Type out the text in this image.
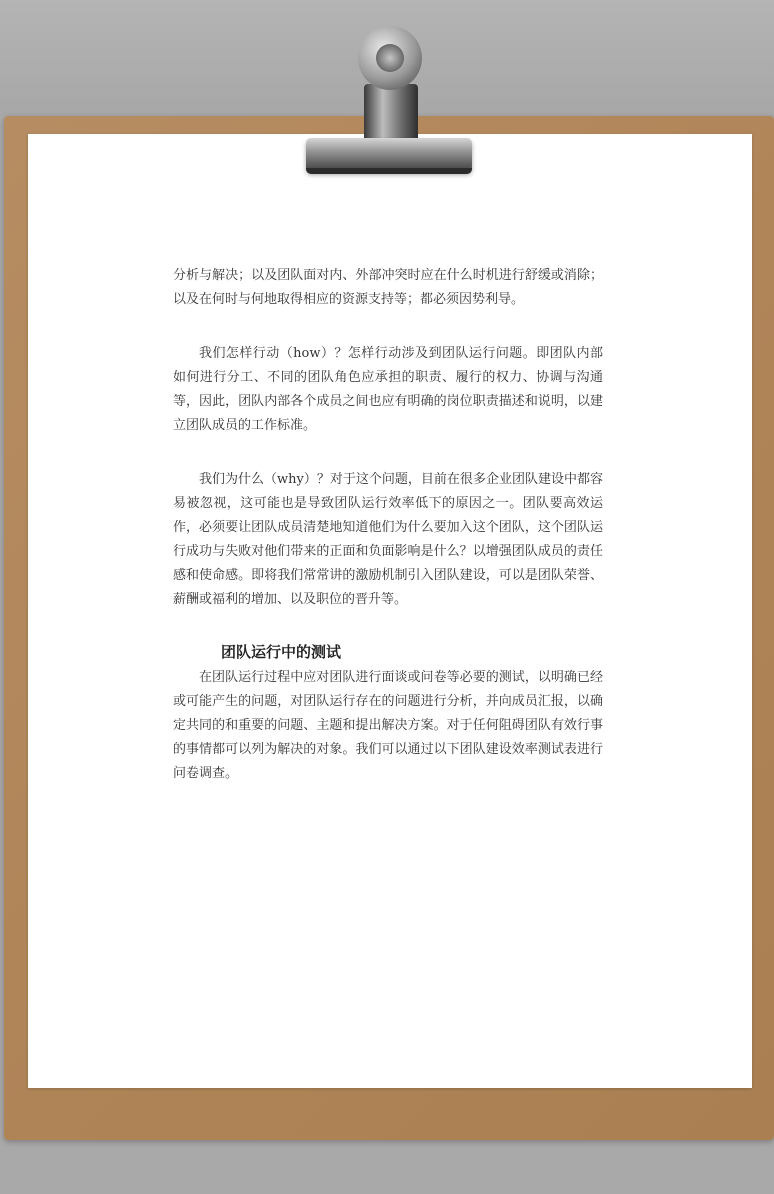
分析与解决；以及团队面对内、外部冲突时应在什么时机进行舒缓或消除；以及在何时与何地取得相应的资源支持等；都必须因势利导。

我们怎样行动（how）？怎样行动涉及到团队运行问题。即团队内部如何进行分工、不同的团队角色应承担的职责、履行的权力、协调与沟通等，因此，团队内部各个成员之间也应有明确的岗位职责描述和说明，以建立团队成员的工作标准。

我们为什么（why）？对于这个问题，目前在很多企业团队建设中都容易被忽视，这可能也是导致团队运行效率低下的原因之一。团队要高效运作，必须要让团队成员清楚地知道他们为什么要加入这个团队，这个团队运行成功与失败对他们带来的正面和负面影响是什么？以增强团队成员的责任感和使命感。即将我们常常讲的激励机制引入团队建设，可以是团队荣誉、薪酬或福利的增加、以及职位的晋升等。

团队运行中的测试

在团队运行过程中应对团队进行面谈或问卷等必要的测试，以明确已经或可能产生的问题，对团队运行存在的问题进行分析，并向成员汇报，以确定共同的和重要的问题、主题和提出解决方案。对于任何阻碍团队有效行事的事情都可以列为解决的对象。我们可以通过以下团队建设效率测试表进行问卷调查。
